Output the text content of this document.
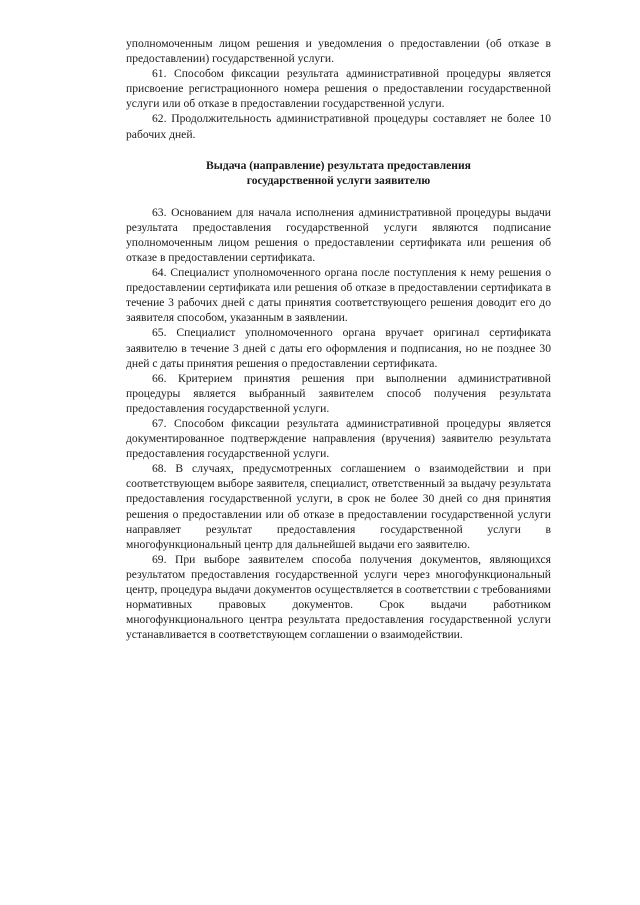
уполномоченным лицом решения и уведомления о предоставлении (об отказе в предоставлении) государственной услуги.

61. Способом фиксации результата административной процедуры является присвоение регистрационного номера решения о предоставлении государственной услуги или об отказе в предоставлении государственной услуги.

62. Продолжительность административной процедуры составляет не более 10 рабочих дней.

Выдача (направление) результата предоставления
государственной услуги заявителю

63. Основанием для начала исполнения административной процедуры выдачи результата предоставления государственной услуги являются подписание уполномоченным лицом решения о предоставлении сертификата или решения об отказе в предоставлении сертификата.

64. Специалист уполномоченного органа после поступления к нему решения о предоставлении сертификата или решения об отказе в предоставлении сертификата в течение 3 рабочих дней с даты принятия соответствующего решения доводит его до заявителя способом, указанным в заявлении.

65. Специалист уполномоченного органа вручает оригинал сертификата заявителю в течение 3 дней с даты его оформления и подписания, но не позднее 30 дней с даты принятия решения о предоставлении сертификата.

66. Критерием принятия решения при выполнении административной процедуры является выбранный заявителем способ получения результата предоставления государственной услуги.

67. Способом фиксации результата административной процедуры является документированное подтверждение направления (вручения) заявителю результата предоставления государственной услуги.

68. В случаях, предусмотренных соглашением о взаимодействии и при соответствующем выборе заявителя, специалист, ответственный за выдачу результата предоставления государственной услуги, в срок не более 30 дней со дня принятия решения о предоставлении или об отказе в предоставлении государственной услуги направляет результат предоставления государственной услуги в многофункциональный центр для дальнейшей выдачи его заявителю.

69. При выборе заявителем способа получения документов, являющихся результатом предоставления государственной услуги через многофункциональный центр, процедура выдачи документов осуществляется в соответствии с требованиями нормативных правовых документов. Срок выдачи работником многофункционального центра результата предоставления государственной услуги устанавливается в соответствующем соглашении о взаимодействии.
